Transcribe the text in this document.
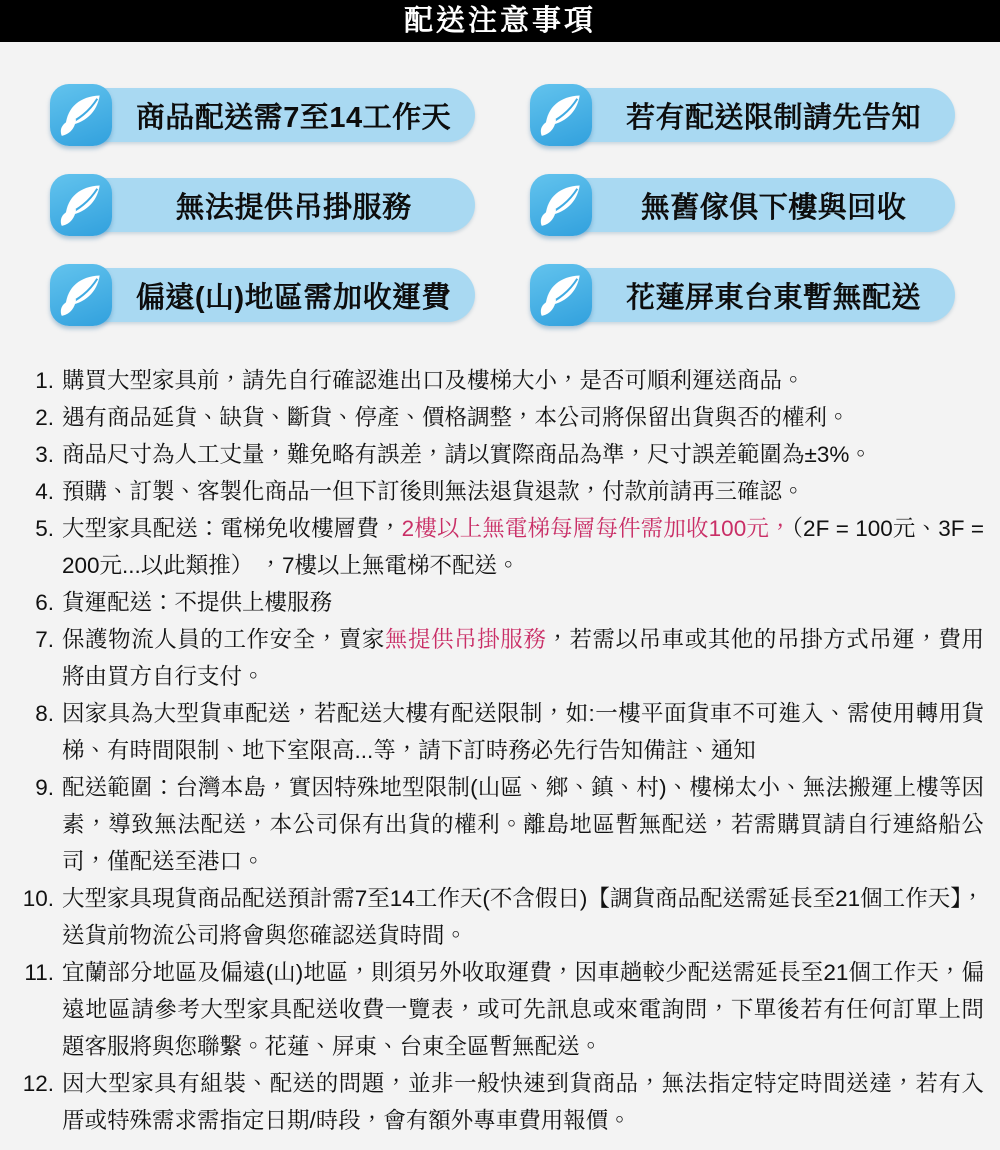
配送注意事項
商品配送需7至14工作天	若有配送限制請先告知
無法提供吊掛服務	無舊傢俱下樓與回收
偏遠(山)地區需加收運費	花蓮屏東台東暫無配送
1. 購買大型家具前，請先自行確認進出口及樓梯大小，是否可順利運送商品。
2. 遇有商品延貨、缺貨、斷貨、停產、價格調整，本公司將保留出貨與否的權利。
3. 商品尺寸為人工丈量，難免略有誤差，請以實際商品為準，尺寸誤差範圍為±3%。
4. 預購、訂製、客製化商品一但下訂後則無法退貨退款，付款前請再三確認。
5. 大型家具配送：電梯免收樓層費，2樓以上無電梯每層每件需加收100元，（2F = 100元、3F = 200元...以此類推） ，7樓以上無電梯不配送。
6. 貨運配送：不提供上樓服務
7. 保護物流人員的工作安全，賣家無提供吊掛服務，若需以吊車或其他的吊掛方式吊運，費用將由買方自行支付。
8. 因家具為大型貨車配送，若配送大樓有配送限制，如:一樓平面貨車不可進入、需使用轉用貨梯、有時間限制、地下室限高...等，請下訂時務必先行告知備註、通知
9. 配送範圍：台灣本島，實因特殊地型限制(山區、鄉、鎮、村)、樓梯太小、無法搬運上樓等因素，導致無法配送，本公司保有出貨的權利。離島地區暫無配送，若需購買請自行連絡船公司，僅配送至港口。
10. 大型家具現貨商品配送預計需7至14工作天(不含假日)【調貨商品配送需延長至21個工作天】，送貨前物流公司將會與您確認送貨時間。
11. 宜蘭部分地區及偏遠(山)地區，則須另外收取運費，因車趟較少配送需延長至21個工作天，偏遠地區請參考大型家具配送收費一覽表，或可先訊息或來電詢問，下單後若有任何訂單上問題客服將與您聯繫。花蓮、屏東、台東全區暫無配送。
12. 因大型家具有組裝、配送的問題，並非一般快速到貨商品，無法指定特定時間送達，若有入厝或特殊需求需指定日期/時段，會有額外專車費用報價。
